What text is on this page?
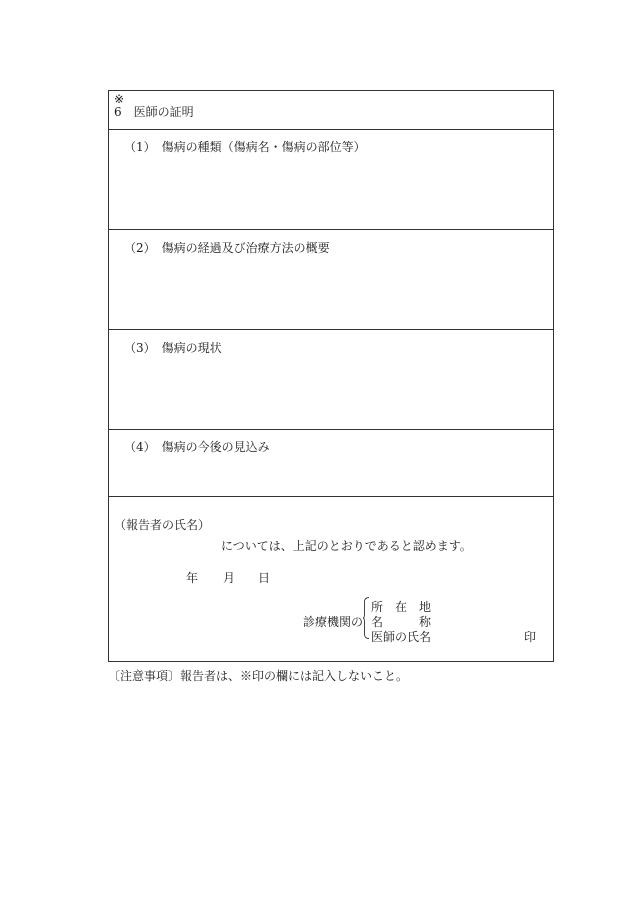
※
6　医師の証明
（1）　傷病の種類（傷病名・傷病の部位等）
（2）　傷病の経過及び治療方法の概要
（3）　傷病の現状
（4）　傷病の今後の見込み
（報告者の氏名）
については、上記のとおりであると認めます。
年 月 日
診療機関の
所　在　地
名　　　称
医師の氏名	印
〔注意事項〕報告者は、※印の欄には記入しないこと。
